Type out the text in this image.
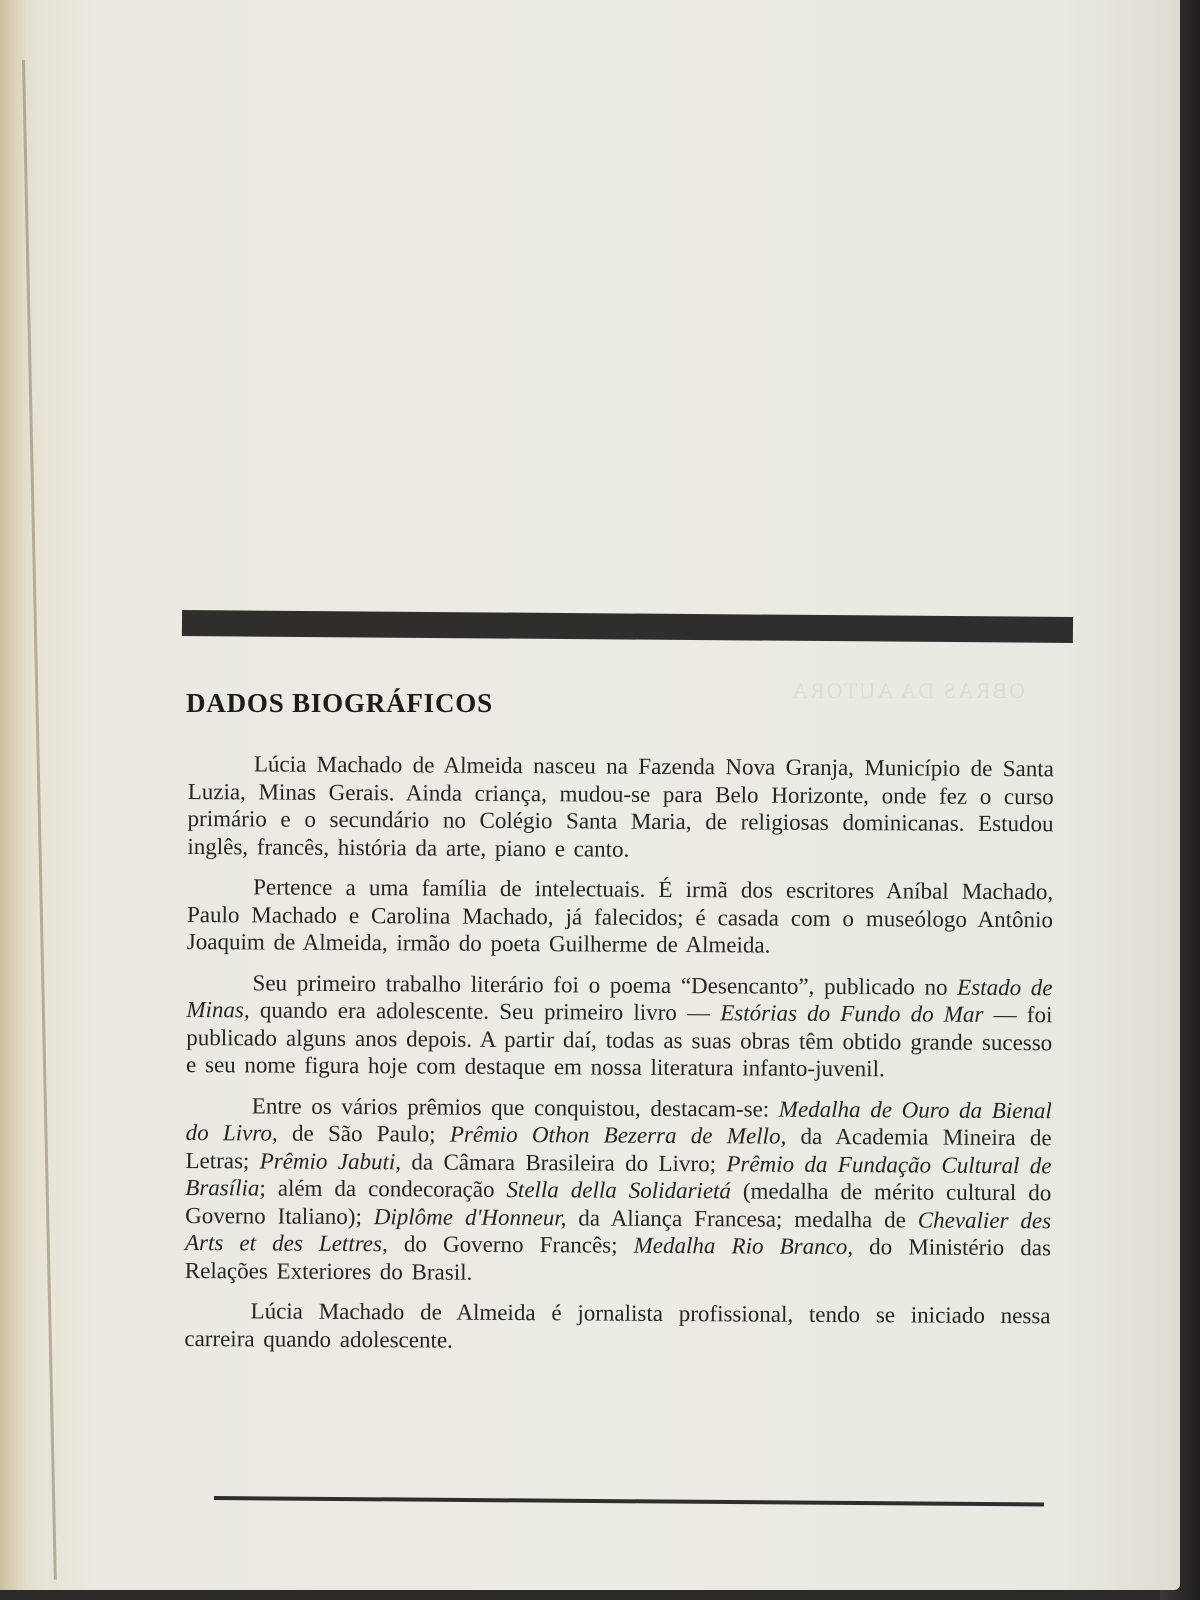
OBRAS DA AUTORA
DADOS BIOGRÁFICOS

Lúcia Machado de Almeida nasceu na Fazenda Nova Granja, Município de Santa Luzia, Minas Gerais. Ainda criança, mudou-se para Belo Horizonte, onde fez o curso primário e o secundário no Colégio Santa Maria, de religiosas dominicanas. Estudou inglês, francês, história da arte, piano e canto.

Pertence a uma família de intelectuais. É irmã dos escritores Aníbal Machado, Paulo Machado e Carolina Machado, já falecidos; é casada com o museólogo Antônio Joaquim de Almeida, irmão do poeta Guilherme de Almeida.

Seu primeiro trabalho literário foi o poema “Desencanto”, publicado no Estado de Minas, quando era adolescente. Seu primeiro livro — Estórias do Fundo do Mar — foi publicado alguns anos depois. A partir daí, todas as suas obras têm obtido grande sucesso e seu nome figura hoje com destaque em nossa literatura infanto-juvenil.

Entre os vários prêmios que conquistou, destacam-se: Medalha de Ouro da Bienal do Livro, de São Paulo; Prêmio Othon Bezerra de Mello, da Academia Mineira de Letras; Prêmio Jabuti, da Câmara Brasileira do Livro; Prêmio da Fundação Cultural de Brasília; além da condecoração Stella della Solidarietá (medalha de mérito cultural do Governo Italiano); Diplôme d'Honneur, da Aliança Francesa; medalha de Chevalier des Arts et des Lettres, do Governo Francês; Medalha Rio Branco, do Ministério das Relações Exteriores do Brasil.

Lúcia Machado de Almeida é jornalista profissional, tendo se iniciado nessa carreira quando adolescente.
